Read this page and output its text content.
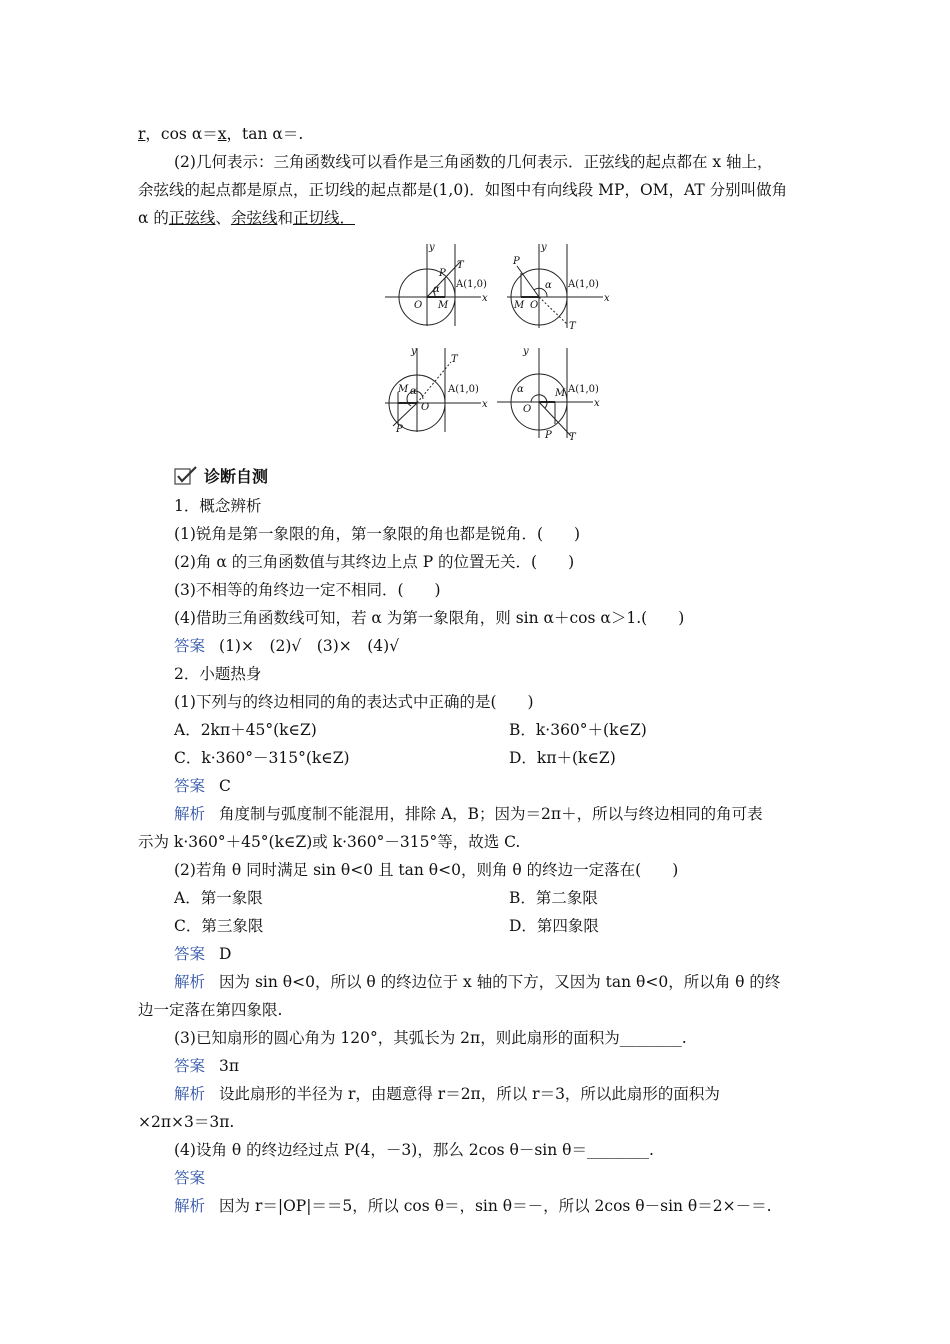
r，cos α＝x，tan α＝.
(2)几何表示：三角函数线可以看作是三角函数的几何表示．正弦线的起点都在 x 轴上，
余弦线的起点都是原点，正切线的起点都是(1,0)．如图中有向线段 MP，OM，AT 分别叫做角
α 的正弦线、余弦线和正切线．
y
x
O M
P
T
α A(1,0)
y
x
O
M
P
T
α A(1,0)
y
x
O
M
P
T
α	A(1,0)
y
x
O
M
P T
α	A(1,0)
诊断自测
1．概念辨析
(1)锐角是第一象限的角，第一象限的角也都是锐角．(　　)
(2)角 α 的三角函数值与其终边上点 P 的位置无关．(　　)
(3)不相等的角终边一定不相同．(　　)
(4)借助三角函数线可知，若 α 为第一象限角，则 sin α＋cos α＞1.(　　)
答案 (1)×　(2)√　(3)×　(4)√
2．小题热身
(1)下列与的终边相同的角的表达式中正确的是(　　)
A．2kπ＋45°(k∈Z)	B．k·360°＋(k∈Z)
C．k·360°－315°(k∈Z)	D．kπ＋(k∈Z)
答案 C
解析 角度制与弧度制不能混用，排除 A，B；因为＝2π＋，所以与终边相同的角可表
示为 k·360°＋45°(k∈Z)或 k·360°－315°等，故选 C.
(2)若角 θ 同时满足 sin θ<0 且 tan θ<0，则角 θ 的终边一定落在(　　)
A．第一象限	B．第二象限
C．第三象限	D．第四象限
答案 D
解析 因为 sin θ<0，所以 θ 的终边位于 x 轴的下方，又因为 tan θ<0，所以角 θ 的终
边一定落在第四象限.
(3)已知扇形的圆心角为 120°，其弧长为 2π，则此扇形的面积为________.
答案 3π
解析 设此扇形的半径为 r，由题意得 r＝2π，所以 r＝3，所以此扇形的面积为
×2π×3＝3π.
(4)设角 θ 的终边经过点 P(4，－3)，那么 2cos θ－sin θ＝________.
答案
解析 因为 r＝|OP|＝＝5，所以 cos θ＝，sin θ＝－，所以 2cos θ－sin θ＝2×－＝.
